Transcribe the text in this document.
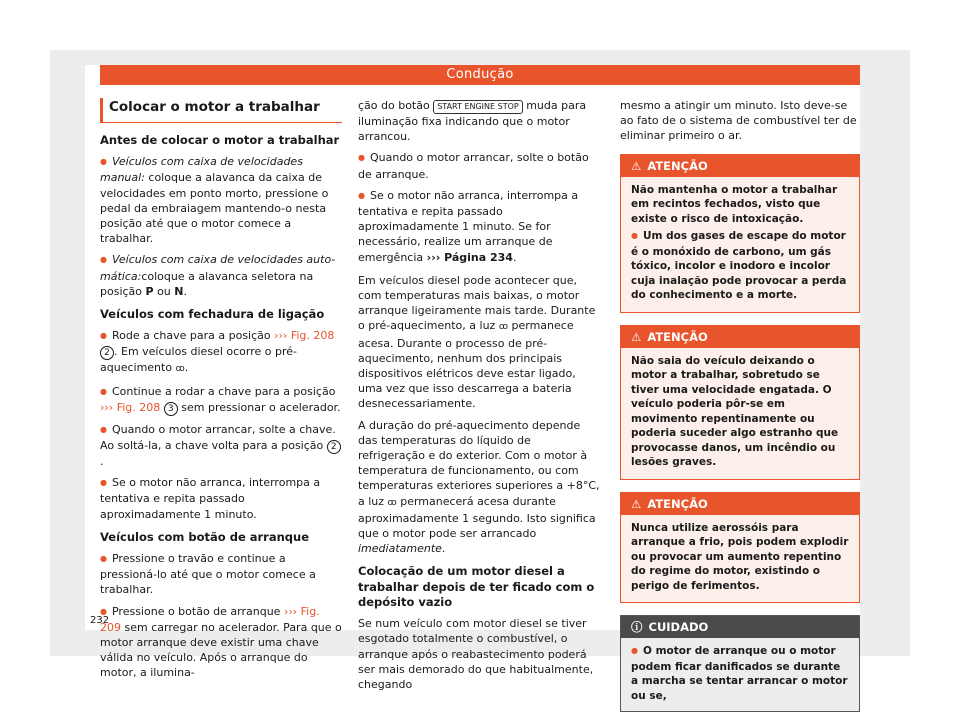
Condução
Colocar o motor a trabalhar

Antes de colocar o motor a trabalhar

● Veículos com caixa de velocidades manual: coloque a alavanca da caixa de velocidades em ponto morto, pressione o pedal da embraiagem mantendo-o nesta posição até que o motor comece a trabalhar.

● Veículos com caixa de velocidades automática:coloque a alavanca seletora na posição P ou N.

Veículos com fechadura de ligação

● Rode a chave para a posição ››› Fig. 208 2 . Em veículos diesel ocorre o pré-aquecimento ꝏ.

● Continue a rodar a chave para a posição ››› Fig. 208 3 sem pressionar o acelerador.

● Quando o motor arrancar, solte a chave. Ao soltá-la, a chave volta para a posição 2.

● Se o motor não arranca, interrompa a tentativa e repita passado aproximadamente 1 minuto.

Veículos com botão de arranque

● Pressione o travão e continue a pressioná-lo até que o motor comece a trabalhar.

● Pressione o botão de arranque ››› Fig. 209 sem carregar no acelerador. Para que o motor arranque deve existir uma chave válida no veículo. Após o arranque do motor, a ilumina-

ção do botão START ENGINE STOP muda para iluminação fixa indicando que o motor arrancou.

● Quando o motor arrancar, solte o botão de arranque.

● Se o motor não arranca, interrompa a tentativa e repita passado aproximadamente 1 minuto. Se for necessário, realize um arranque de emergência ››› Página 234.

Em veículos diesel pode acontecer que, com temperaturas mais baixas, o motor arranque ligeiramente mais tarde. Durante o pré-aquecimento, a luz ꝏ permanece acesa. Durante o processo de pré-aquecimento, nenhum dos principais dispositivos elétricos deve estar ligado, uma vez que isso descarrega a bateria desnecessariamente.

A duração do pré-aquecimento depende das temperaturas do líquido de refrigeração e do exterior. Com o motor à temperatura de funcionamento, ou com temperaturas exteriores superiores a +8°C, a luz ꝏ permanecerá acesa durante aproximadamente 1 segundo. Isto significa que o motor pode ser arrancado imediatamente.

Colocação de um motor diesel a trabalhar depois de ter ficado com o depósito vazio

Se num veículo com motor diesel se tiver esgotado totalmente o combustível, o arranque após o reabastecimento poderá ser mais demorado do que habitualmente, chegando

mesmo a atingir um minuto. Isto deve-se ao fato de o sistema de combustível ter de eliminar primeiro o ar.

⚠ ATENÇÃO

Não mantenha o motor a trabalhar em recintos fechados, visto que existe o risco de intoxicação.

● Um dos gases de escape do motor é o monóxido de carbono, um gás tóxico, incolor e inodoro e incolor cuja inalação pode provocar a perda do conhecimento e a morte.

⚠ ATENÇÃO

Não saia do veículo deixando o motor a trabalhar, sobretudo se tiver uma velocidade engatada. O veículo poderia pôr-se em movimento repentinamente ou poderia suceder algo estranho que provocasse danos, um incêndio ou lesões graves.

⚠ ATENÇÃO

Nunca utilize aerossóis para arranque a frio, pois podem explodir ou provocar um aumento repentino do regime do motor, existindo o perigo de ferimentos.

ⓘ CUIDADO

● O motor de arranque ou o motor podem ficar danificados se durante a marcha se tentar arrancar o motor ou se,

232
